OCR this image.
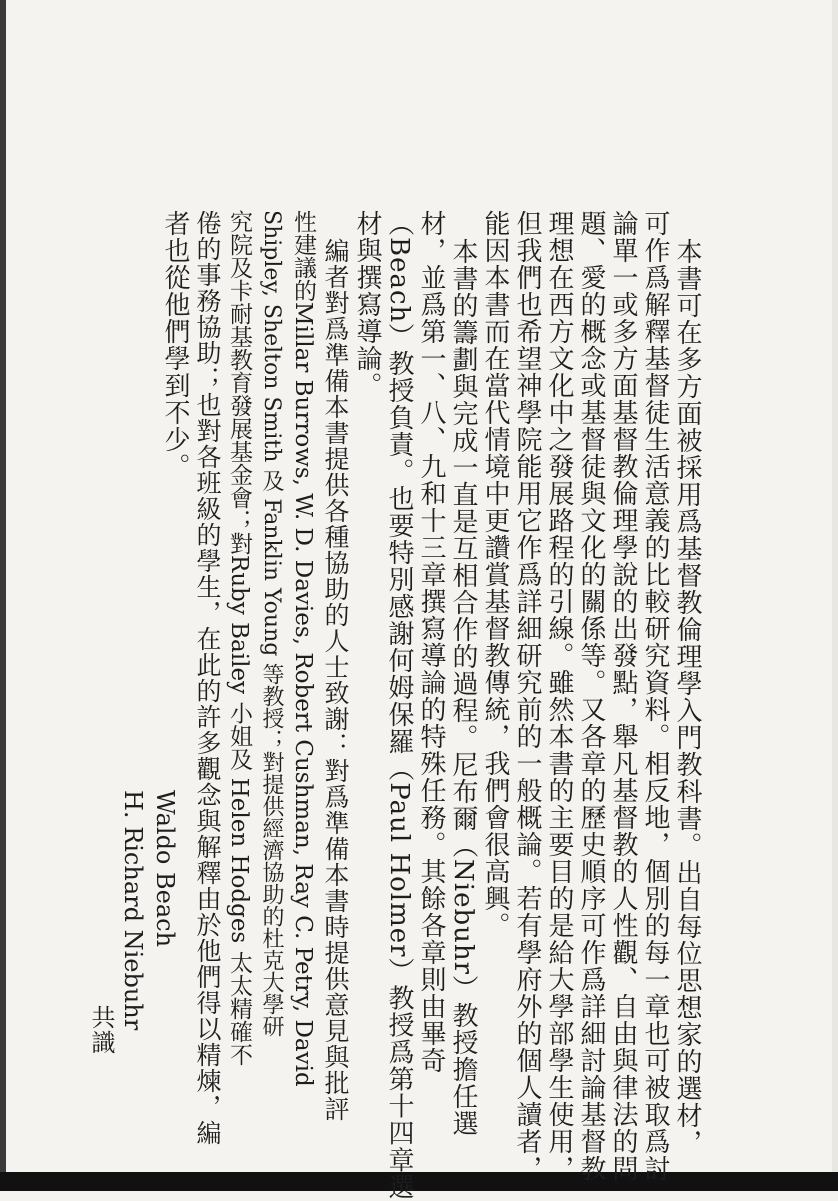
本書可在多方面被採用爲基督教倫理學入門教科書。出自每位思想家的選材，
可作爲解釋基督徒生活意義的比較研究資料。相反地，個別的每一章也可被取爲討
論單一或多方面基督教倫理學說的出發點，舉凡基督教的人性觀、自由與律法的問
題、愛的概念或基督徒與文化的關係等。又各章的歷史順序可作爲詳細討論基督教
理想在西方文化中之發展路程的引線。雖然本書的主要目的是給大學部學生使用，
但我們也希望神學院能用它作爲詳細研究前的一般概論。若有學府外的個人讀者，
能因本書而在當代情境中更讚賞基督教傳統，我們會很高興。
本書的籌劃與完成一直是互相合作的過程。尼布爾（Niebuhr）教授擔任選
材，並爲第一、八、九和十三章撰寫導論的特殊任務。其餘各章則由畢奇
（Beach）教授負責。也要特別感謝何姆保羅（Paul Holmer）教授爲第十四章選
材與撰寫導論。
編者對爲準備本書提供各種協助的人士致謝：對爲準備本書時提供意見與批評
性建議的Millar Burrows, W. D. Davies, Robert Cushman, Ray C. Petry, David
Shipley, Shelton Smith 及 Fanklin Young 等教授；對提供經濟協助的杜克大學研
究院及卡耐基教育發展基金會；對Ruby Bailey 小姐及 Helen Hodges 太太精確不
倦的事務協助；也對各班級的學生，在此的許多觀念與解釋由於他們得以精煉，編
者也從他們學到不少。
Waldo Beach
H. Richard Niebuhr
共識
